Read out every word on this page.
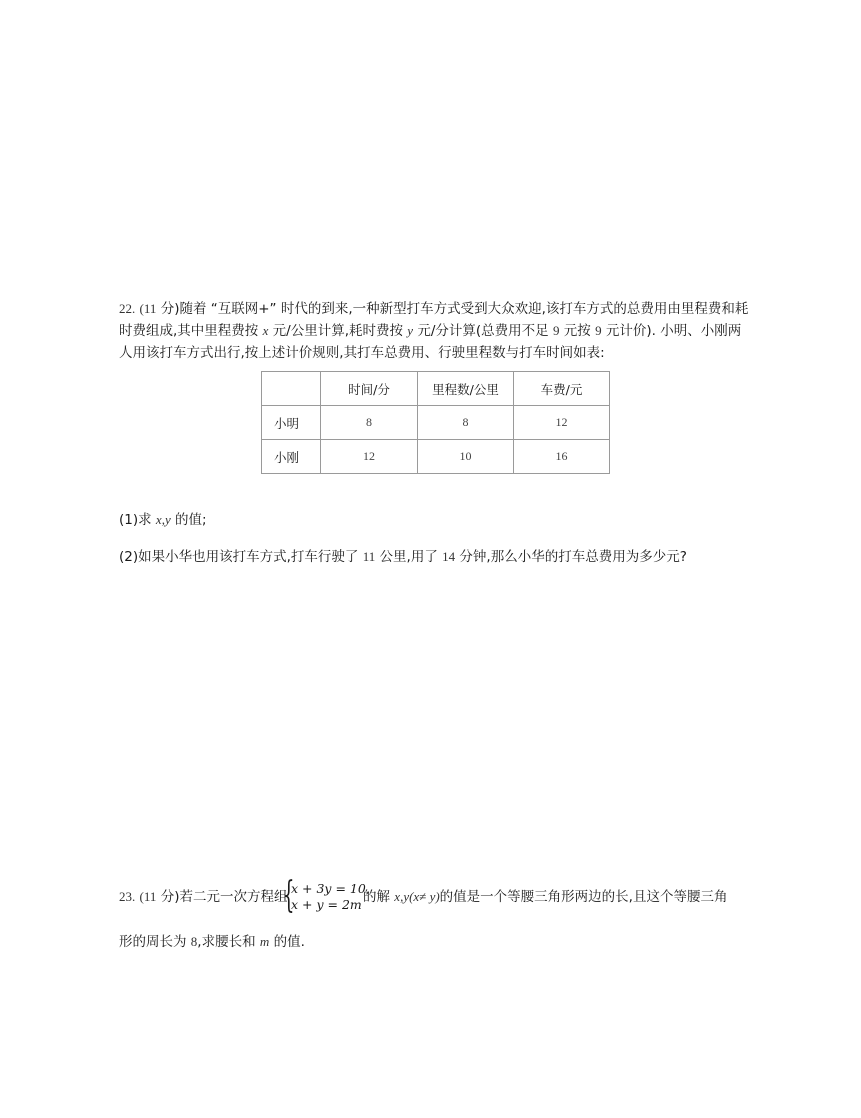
22. (11 分)随着 “互联网+” 时代的到来,一种新型打车方式受到大众欢迎,该打车方式的总费用由里程费和耗
时费组成,其中里程费按 x 元/公里计算,耗时费按 y 元/分计算(总费用不足 9 元按 9 元计价). 小明、小刚两
人用该打车方式出行,按上述计价规则,其打车总费用、行驶里程数与打车时间如表:
	时间/分	里程数/公里	车费/元
小明	8	8	12
小刚	12	10	16
(1)求 x,y 的值;
(2)如果小华也用该打车方式,打车行驶了 11 公里,用了 14 分钟,那么小华的打车总费用为多少元?
23. (11 分)若二元一次方程组
{
x + 3y = 10,
x + y = 2m 的解 x,y(x≠ y)的值是一个等腰三角形两边的长,且这个等腰三角
形的周长为 8,求腰长和 m 的值.
